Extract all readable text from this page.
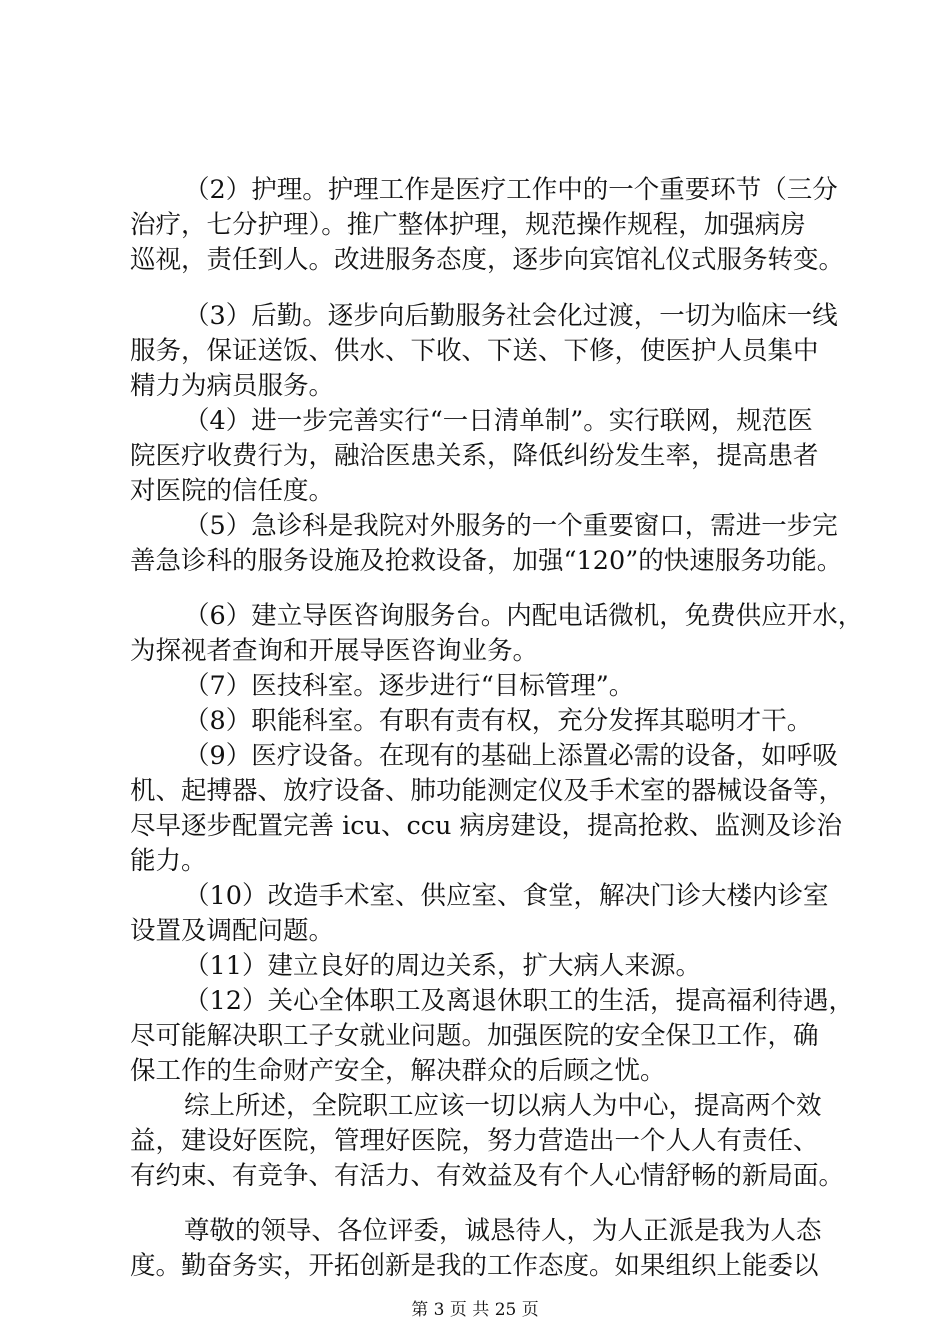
（2）护理。护理工作是医疗工作中的一个重要环节（三分
治疗，七分护理）。推广整体护理，规范操作规程，加强病房
巡视，责任到人。改进服务态度，逐步向宾馆礼仪式服务转变。
（3）后勤。逐步向后勤服务社会化过渡，一切为临床一线
服务，保证送饭、供水、下收、下送、下修，使医护人员集中
精力为病员服务。
（4）进一步完善实行“一日清单制”。实行联网，规范医
院医疗收费行为，融洽医患关系，降低纠纷发生率，提高患者
对医院的信任度。
（5）急诊科是我院对外服务的一个重要窗口，需进一步完
善急诊科的服务设施及抢救设备，加强“120”的快速服务功能。
（6）建立导医咨询服务台。内配电话微机，免费供应开水，
为探视者查询和开展导医咨询业务。
（7）医技科室。逐步进行“目标管理”。
（8）职能科室。有职有责有权，充分发挥其聪明才干。
（9）医疗设备。在现有的基础上添置必需的设备，如呼吸
机、起搏器、放疗设备、肺功能测定仪及手术室的器械设备等，
尽早逐步配置完善 icu、ccu 病房建设，提高抢救、监测及诊治
能力。
（10）改造手术室、供应室、食堂，解决门诊大楼内诊室
设置及调配问题。
（11）建立良好的周边关系，扩大病人来源。
（12）关心全体职工及离退休职工的生活，提高福利待遇，
尽可能解决职工子女就业问题。加强医院的安全保卫工作，确
保工作的生命财产安全，解决群众的后顾之忧。
综上所述，全院职工应该一切以病人为中心，提高两个效
益，建设好医院，管理好医院，努力营造出一个人人有责任、
有约束、有竞争、有活力、有效益及有个人心情舒畅的新局面。
尊敬的领导、各位评委，诚恳待人，为人正派是我为人态
度。勤奋务实，开拓创新是我的工作态度。如果组织上能委以
第 3 页 共 25 页
